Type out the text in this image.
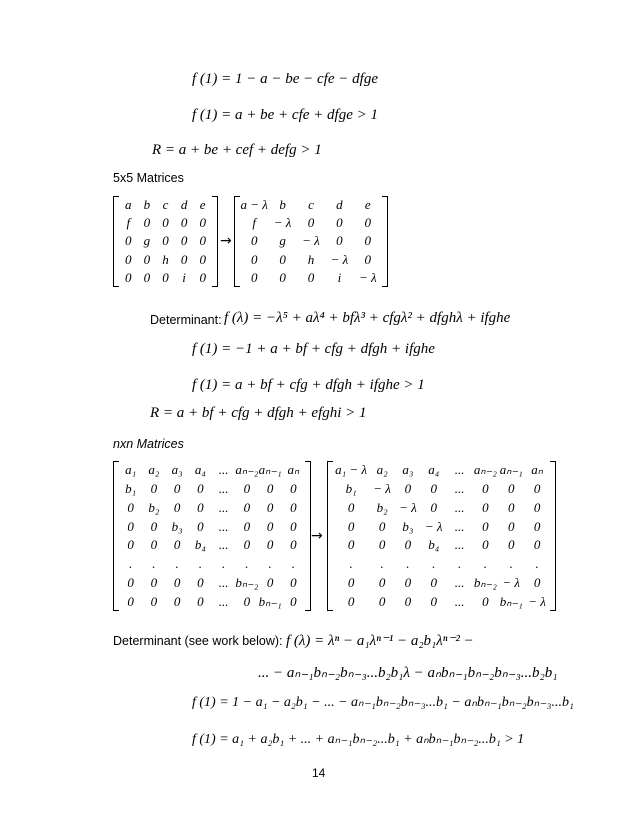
f (1) = 1 − a − be − cfe − dfge
f (1) = a + be + cfe + dfge > 1
R = a + be + cef + defg > 1
5x5 Matrices
a b c d e
f 0 0 0 0
0 g 0 0 0
0 0 h 0 0
0 0 0 i 0
→
a − λ b c d e
f − λ 0 0 0
0 g − λ 0 0
0 0 h − λ 0
0 0 0 i − λ
Determinant: f (λ) = −λ⁵ + aλ⁴ + bfλ³ + cfgλ² + dfghλ + ifghe
f (1) = −1 + a + bf + cfg + dfgh + ifghe
f (1) = a + bf + cfg + dfgh + ifghe > 1
R = a + bf + cfg + dfgh + efghi > 1
nxn Matrices
a₁ a₂ a₃ a₄ ... aₙ₋₂ aₙ₋₁ aₙ
b₁ 0 0 0 ... 0 0 0
0 b₂ 0 0 ... 0 0 0
0 0 b₃ 0 ... 0 0 0
0 0 0 b₄ ... 0 0 0
. . . . . . . .
0 0 0 0 ... bₙ₋₂ 0 0
0 0 0 0 ... 0 bₙ₋₁ 0
→
a₁ − λ a₂ a₃ a₄ ... aₙ₋₂ aₙ₋₁ aₙ
b₁ − λ 0 0 ... 0 0 0
0 b₂ − λ 0 ... 0 0 0
0 0 b₃ − λ ... 0 0 0
0 0 0 b₄ ... 0 0 0
. . . . . . . .
0 0 0 0 ... bₙ₋₂ − λ 0
0 0 0 0 ... 0 bₙ₋₁ − λ
Determinant (see work below): f (λ) = λⁿ − a₁λⁿ⁻¹ − a₂b₁λⁿ⁻² −
... − aₙ₋₁bₙ₋₂bₙ₋₃...b₂b₁λ − aₙbₙ₋₁bₙ₋₂bₙ₋₃...b₂b₁
f (1) = 1 − a₁ − a₂b₁ − ... − aₙ₋₁bₙ₋₂bₙ₋₃...b₁ − aₙbₙ₋₁bₙ₋₂bₙ₋₃...b₁
f (1) = a₁ + a₂b₁ + ... + aₙ₋₁bₙ₋₂...b₁ + aₙbₙ₋₁bₙ₋₂...b₁ > 1
14
